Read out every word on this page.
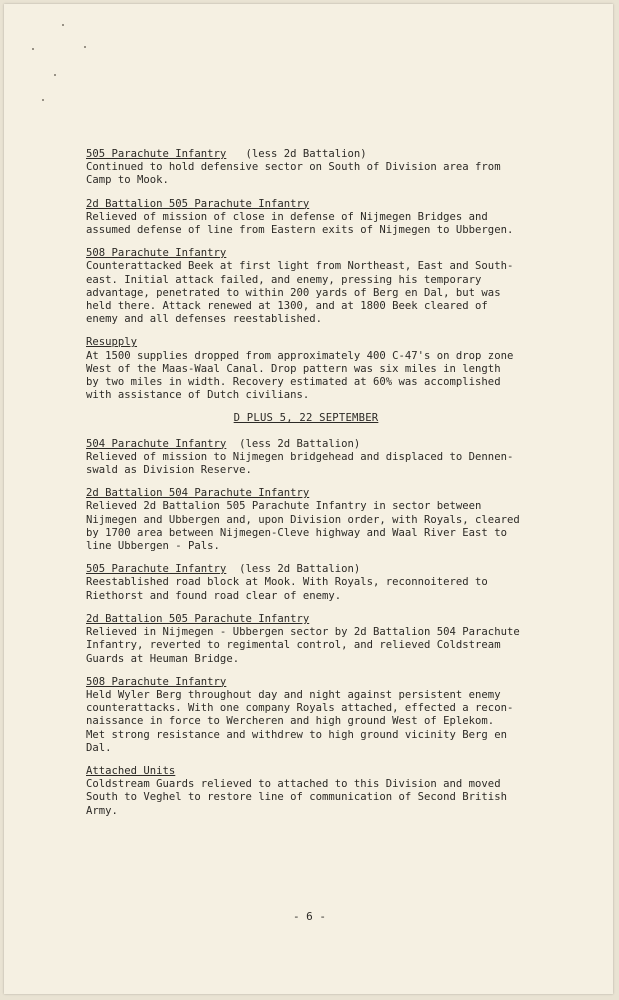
505 Parachute Infantry   (less 2d Battalion)
Continued to hold defensive sector on South of Division area from
Camp to Mook.
2d Battalion 505 Parachute Infantry
Relieved of mission of close in defense of Nijmegen Bridges and
assumed defense of line from Eastern exits of Nijmegen to Ubbergen.
508 Parachute Infantry
Counterattacked Beek at first light from Northeast, East and South-
east. Initial attack failed, and enemy, pressing his temporary
advantage, penetrated to within 200 yards of Berg en Dal, but was
held there. Attack renewed at 1300, and at 1800 Beek cleared of
enemy and all defenses reestablished.
Resupply
At 1500 supplies dropped from approximately 400 C-47's on drop zone
West of the Maas-Waal Canal. Drop pattern was six miles in length
by two miles in width. Recovery estimated at 60% was accomplished
with assistance of Dutch civilians.
D PLUS 5, 22 SEPTEMBER
504 Parachute Infantry  (less 2d Battalion)
Relieved of mission to Nijmegen bridgehead and displaced to Dennen-
swald as Division Reserve.
2d Battalion 504 Parachute Infantry
Relieved 2d Battalion 505 Parachute Infantry in sector between
Nijmegen and Ubbergen and, upon Division order, with Royals, cleared
by 1700 area between Nijmegen-Cleve highway and Waal River East to
line Ubbergen - Pals.
505 Parachute Infantry  (less 2d Battalion)
Reestablished road block at Mook. With Royals, reconnoitered to
Riethorst and found road clear of enemy.
2d Battalion 505 Parachute Infantry
Relieved in Nijmegen - Ubbergen sector by 2d Battalion 504 Parachute
Infantry, reverted to regimental control, and relieved Coldstream
Guards at Heuman Bridge.
508 Parachute Infantry
Held Wyler Berg throughout day and night against persistent enemy
counterattacks. With one company Royals attached, effected a recon-
naissance in force to Wercheren and high ground West of Eplekom.
Met strong resistance and withdrew to high ground vicinity Berg en
Dal.
Attached Units
Coldstream Guards relieved to attached to this Division and moved
South to Veghel to restore line of communication of Second British
Army.
- 6 -
